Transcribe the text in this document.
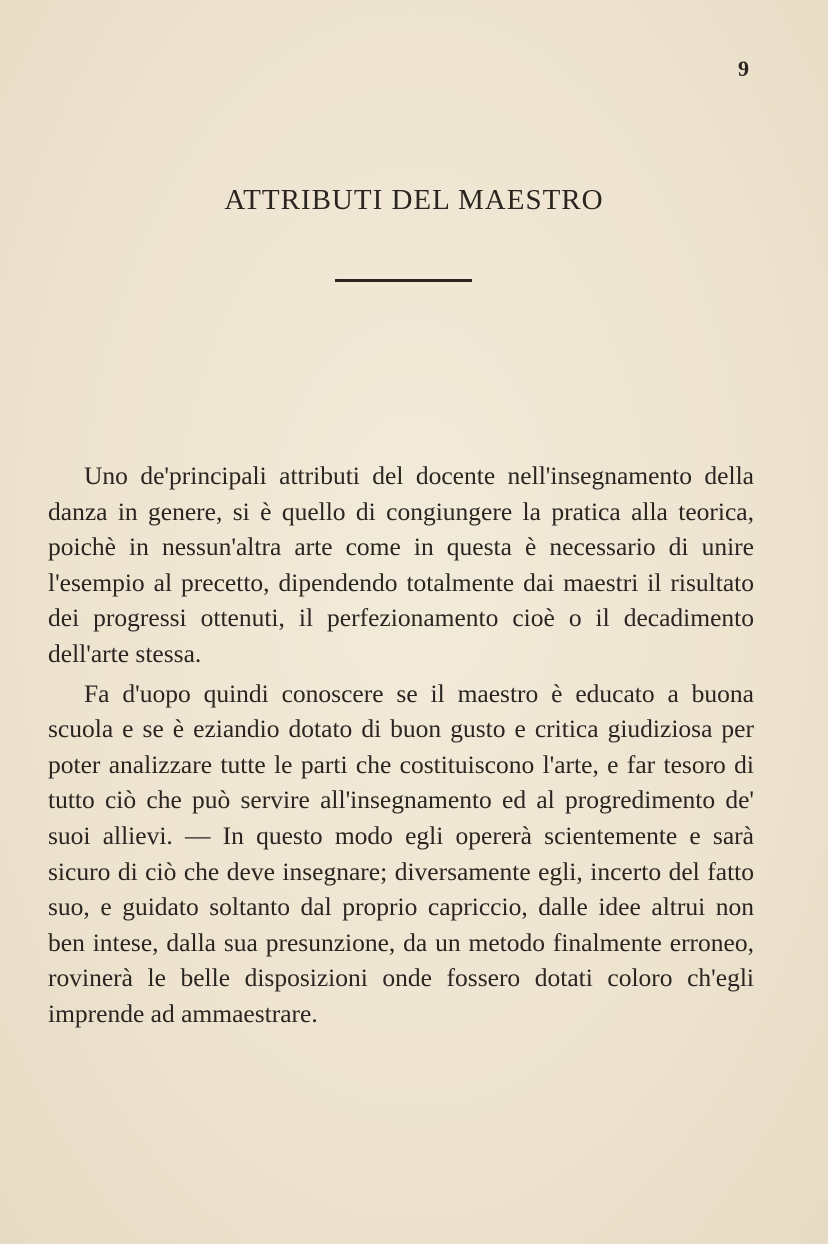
9
ATTRIBUTI DEL MAESTRO

Uno de'principali attributi del docente nell'insegnamento della danza in genere, si è quello di congiungere la pratica alla teorica, poichè in nessun'altra arte come in questa è necessario di unire l'esempio al precetto, dipendendo totalmente dai maestri il risultato dei progressi ottenuti, il perfezionamento cioè o il decadimento dell'arte stessa.

Fa d'uopo quindi conoscere se il maestro è educato a buona scuola e se è eziandio dotato di buon gusto e critica giudiziosa per poter analizzare tutte le parti che costituiscono l'arte, e far tesoro di tutto ciò che può servire all'insegnamento ed al progredimento de' suoi allievi. — In questo modo egli opererà scientemente e sarà sicuro di ciò che deve insegnare; diversamente egli, incerto del fatto suo, e guidato soltanto dal proprio capriccio, dalle idee altrui non ben intese, dalla sua presunzione, da un metodo finalmente erroneo, rovinerà le belle disposizioni onde fossero dotati coloro ch'egli imprende ad ammaestrare.
